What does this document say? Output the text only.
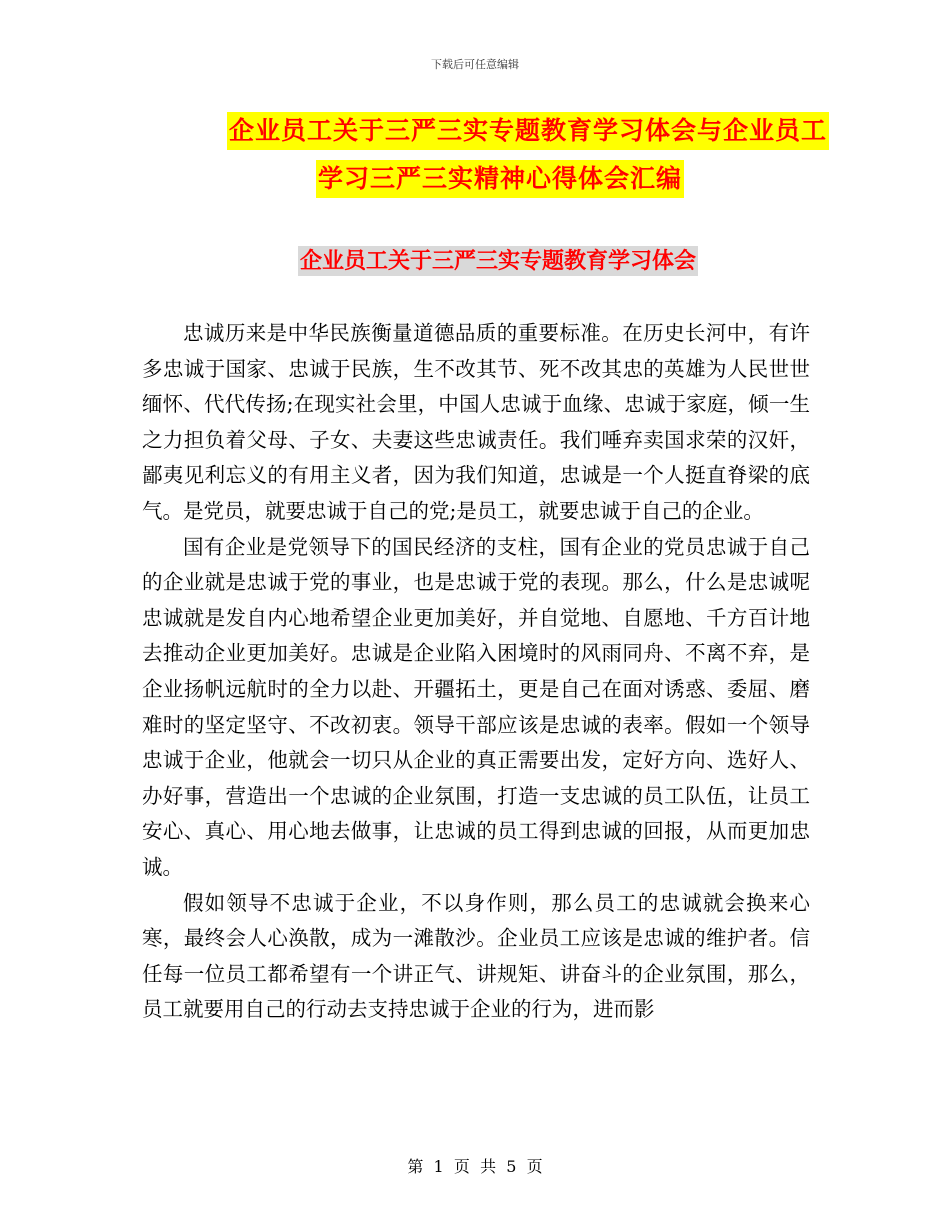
下载后可任意编辑
企业员工关于三严三实专题教育学习体会与企业员工
学习三严三实精神心得体会汇编
企业员工关于三严三实专题教育学习体会

忠诚历来是中华民族衡量道德品质的重要标准。在历史长河中，有许多忠诚于国家、忠诚于民族，生不改其节、死不改其忠的英雄为人民世世缅怀、代代传扬;在现实社会里，中国人忠诚于血缘、忠诚于家庭，倾一生之力担负着父母、子女、夫妻这些忠诚责任。我们唾弃卖国求荣的汉奸，鄙夷见利忘义的有用主义者，因为我们知道，忠诚是一个人挺直脊梁的底气。是党员，就要忠诚于自己的党;是员工，就要忠诚于自己的企业。

国有企业是党领导下的国民经济的支柱，国有企业的党员忠诚于自己的企业就是忠诚于党的事业，也是忠诚于党的表现。那么，什么是忠诚呢忠诚就是发自内心地希望企业更加美好，并自觉地、自愿地、千方百计地去推动企业更加美好。忠诚是企业陷入困境时的风雨同舟、不离不弃，是企业扬帆远航时的全力以赴、开疆拓土，更是自己在面对诱惑、委屈、磨难时的坚定坚守、不改初衷。领导干部应该是忠诚的表率。假如一个领导忠诚于企业，他就会一切只从企业的真正需要出发，定好方向、选好人、办好事，营造出一个忠诚的企业氛围，打造一支忠诚的员工队伍，让员工安心、真心、用心地去做事，让忠诚的员工得到忠诚的回报，从而更加忠诚。

假如领导不忠诚于企业，不以身作则，那么员工的忠诚就会换来心寒，最终会人心涣散，成为一滩散沙。企业员工应该是忠诚的维护者。信任每一位员工都希望有一个讲正气、讲规矩、讲奋斗的企业氛围，那么，员工就要用自己的行动去支持忠诚于企业的行为，进而影

第  1  页  共  5  页
